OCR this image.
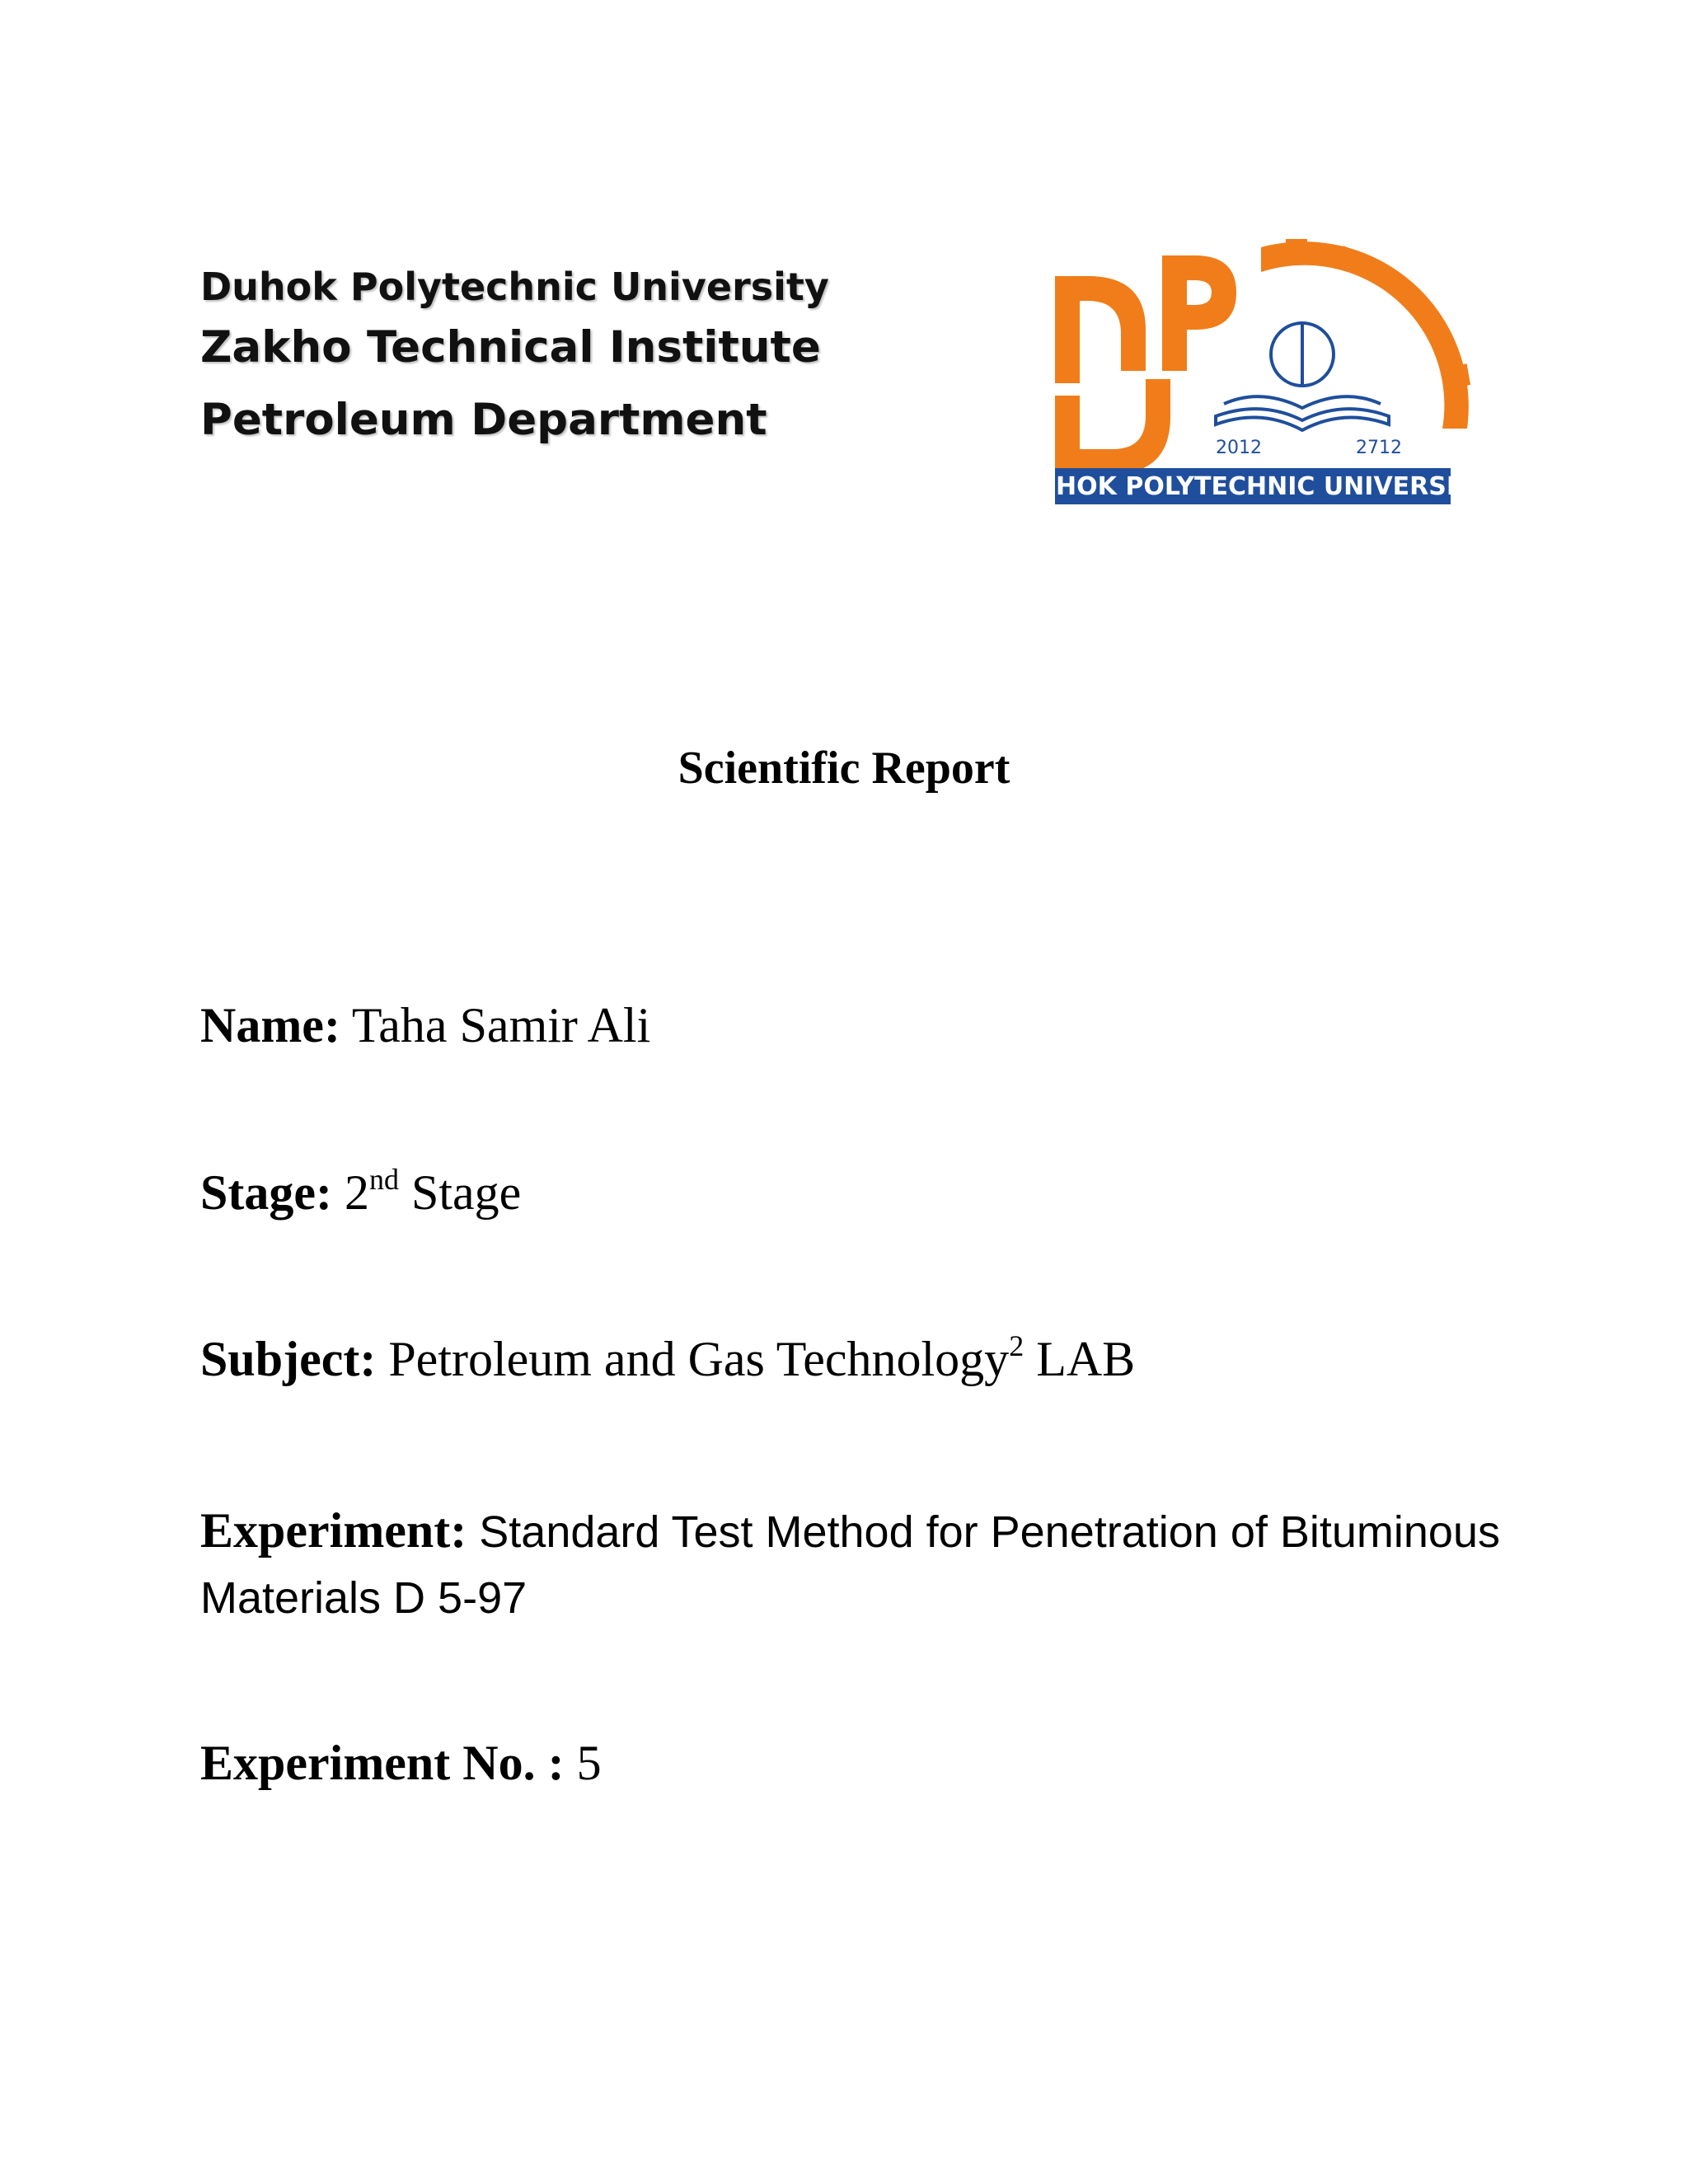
Duhok Polytechnic University
Zakho Technical Institute
Petroleum Department
2012	2712
DUHOK POLYTECHNIC UNIVERSITY
Scientific Report
Name: Taha Samir Ali
Stage: 2nd Stage
Subject: Petroleum and Gas Technology$^2$ LAB
Experiment: Standard Test Method for Penetration of Bituminous Materials D 5-97
Experiment No. : 5
